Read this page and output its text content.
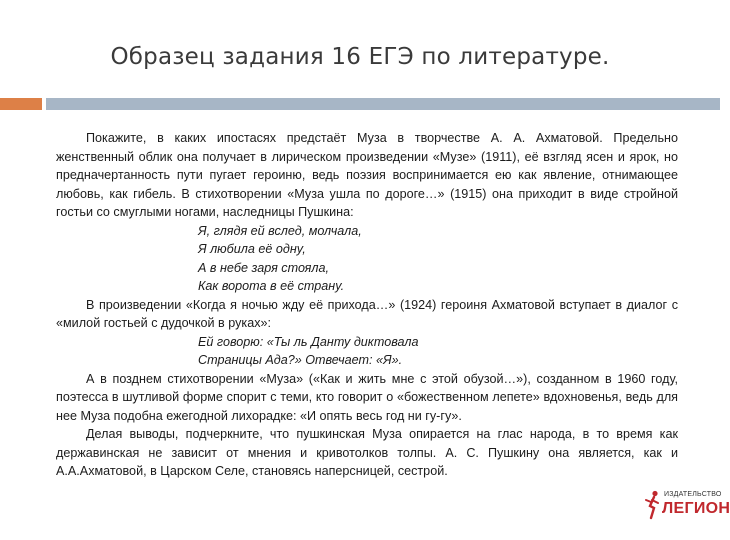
Образец задания 16 ЕГЭ по литературе.

Покажите, в каких ипостасях предстаёт Муза в творчестве А. А. Ахматовой. Предельно женственный облик она получает в лирическом произведении «Музе» (1911), её взгляд ясен и ярок, но предначертанность пути пугает героиню, ведь поэзия воспринимается ею как явление, отнимающее любовь, как гибель. В стихотворении «Муза ушла по дороге…» (1915) она приходит в виде стройной гостьи со смуглыми ногами, наследницы Пушкина:

Я, глядя ей вслед, молчала,
Я любила её одну,
А в небе заря стояла,
Как ворота в её страну.

В произведении «Когда я ночью жду её прихода…» (1924) героиня Ахматовой вступает в диалог с «милой гостьей с дудочкой в руках»:

Ей говорю: «Ты ль Данту диктовала
Страницы Ада?» Отвечает: «Я».

А в позднем стихотворении «Муза» («Как и жить мне с этой обузой…»), созданном в 1960 году, поэтесса в шутливой форме спорит с теми, кто говорит о «божественном лепете» вдохновенья, ведь для нее Муза подобна ежегодной лихорадке: «И опять весь год ни гу-гу».

Делая выводы, подчеркните, что пушкинская Муза опирается на глас народа, в то время как державинская не зависит от мнения и кривотолков толпы. А. С. Пушкину она является, как и А.А.Ахматовой, в Царском Селе, становясь наперсницей, сестрой.

ИЗДАТЕЛЬСТВО
ЛЕГИОН
